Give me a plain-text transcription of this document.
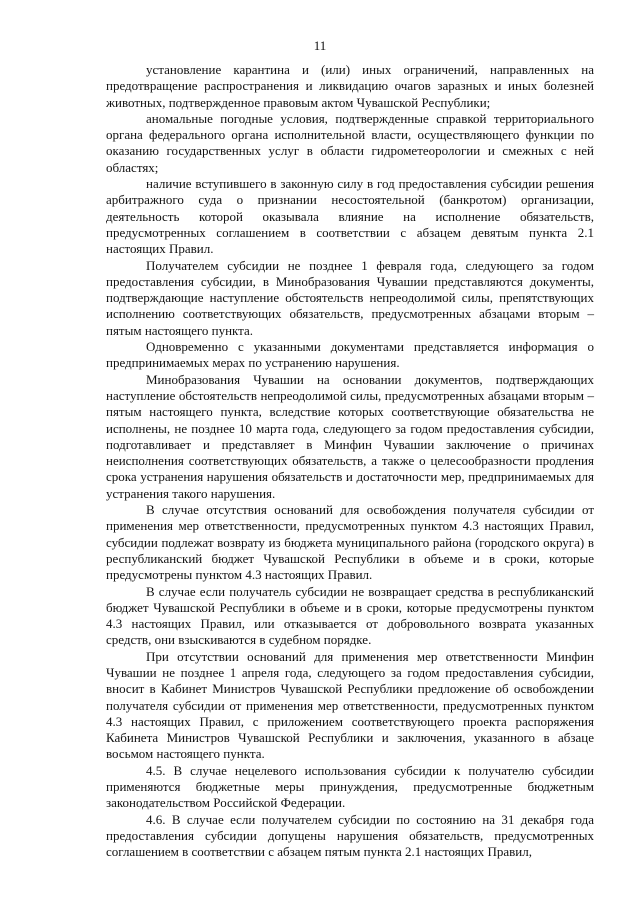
11

установление карантина и (или) иных ограничений, направленных на предотвращение распространения и ликвидацию очагов заразных и иных болезней животных, подтвержденное правовым актом Чувашской Республики;

аномальные погодные условия, подтвержденные справкой территориального органа федерального органа исполнительной власти, осуществляющего функции по оказанию государственных услуг в области гидрометеорологии и смежных с ней областях;

наличие вступившего в законную силу в год предоставления субсидии решения арбитражного суда о признании несостоятельной (банкротом) организации, деятельность которой оказывала влияние на исполнение обязательств, предусмотренных соглашением в соответствии с абзацем девятым пункта 2.1 настоящих Правил.

Получателем субсидии не позднее 1 февраля года, следующего за годом предоставления субсидии, в Минобразования Чувашии представляются документы, подтверждающие наступление обстоятельств непреодолимой силы, препятствующих исполнению соответствующих обязательств, предусмотренных абзацами вторым – пятым настоящего пункта.

Одновременно с указанными документами представляется информация о предпринимаемых мерах по устранению нарушения.

Минобразования Чувашии на основании документов, подтверждающих наступление обстоятельств непреодолимой силы, предусмотренных абзацами вторым – пятым настоящего пункта, вследствие которых соответствующие обязательства не исполнены, не позднее 10 марта года, следующего за годом предоставления субсидии, подготавливает и представляет в Минфин Чувашии заключение о причинах неисполнения соответствующих обязательств, а также о целесообразности продления срока устранения нарушения обязательств и достаточности мер, предпринимаемых для устранения такого нарушения.

В случае отсутствия оснований для освобождения получателя субсидии от применения мер ответственности, предусмотренных пунктом 4.3 настоящих Правил, субсидии подлежат возврату из бюджета муниципального района (городского округа) в республиканский бюджет Чувашской Республики в объеме и в сроки, которые предусмотрены пунктом 4.3 настоящих Правил.

В случае если получатель субсидии не возвращает средства в республиканский бюджет Чувашской Республики в объеме и в сроки, которые предусмотрены пунктом 4.3 настоящих Правил, или отказывается от добровольного возврата указанных средств, они взыскиваются в судебном порядке.

При отсутствии оснований для применения мер ответственности Минфин Чувашии не позднее 1 апреля года, следующего за годом предоставления субсидии, вносит в Кабинет Министров Чувашской Республики предложение об освобождении получателя субсидии от применения мер ответственности, предусмотренных пунктом 4.3 настоящих Правил, с приложением соответствующего проекта распоряжения Кабинета Министров Чувашской Республики и заключения, указанного в абзаце восьмом настоящего пункта.

4.5. В случае нецелевого использования субсидии к получателю субсидии применяются бюджетные меры принуждения, предусмотренные бюджетным законодательством Российской Федерации.

4.6. В случае если получателем субсидии по состоянию на 31 декабря года предоставления субсидии допущены нарушения обязательств, предусмотренных соглашением в соответствии с абзацем пятым пункта 2.1 настоящих Правил,
